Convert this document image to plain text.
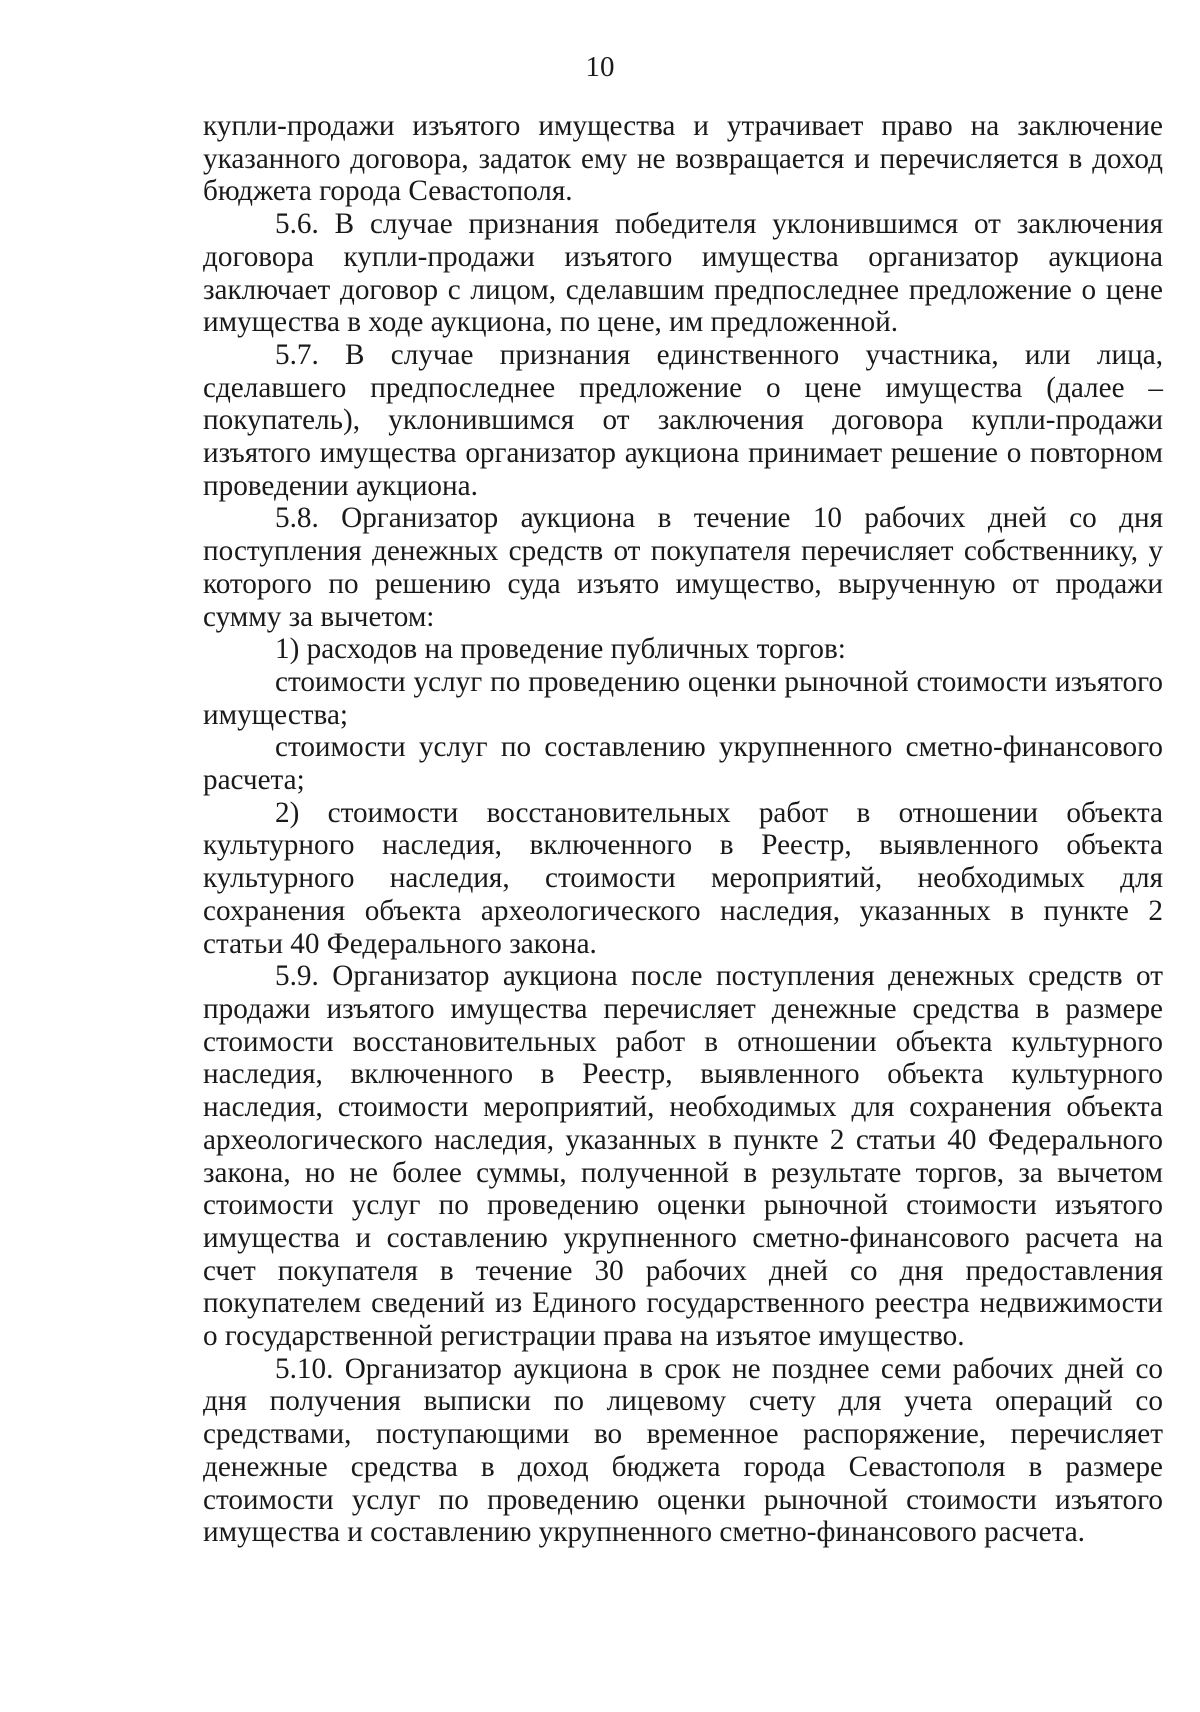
10

купли-продажи изъятого имущества и утрачивает право на заключение указанного договора, задаток ему не возвращается и перечисляется в доход бюджета города Севастополя.

5.6. В случае признания победителя уклонившимся от заключения договора купли-продажи изъятого имущества организатор аукциона заключает договор с лицом, сделавшим предпоследнее предложение о цене имущества в ходе аукциона, по цене, им предложенной.

5.7. В случае признания единственного участника, или лица, сделавшего предпоследнее предложение о цене имущества (далее – покупатель), уклонившимся от заключения договора купли-продажи изъятого имущества организатор аукциона принимает решение о повторном проведении аукциона.

5.8. Организатор аукциона в течение 10 рабочих дней со дня поступления денежных средств от покупателя перечисляет собственнику, у которого по решению суда изъято имущество, вырученную от продажи сумму за вычетом:

1) расходов на проведение публичных торгов:

стоимости услуг по проведению оценки рыночной стоимости изъятого имущества;

стоимости услуг по составлению укрупненного сметно-финансового расчета;

2) стоимости восстановительных работ в отношении объекта культурного наследия, включенного в Реестр, выявленного объекта культурного наследия, стоимости мероприятий, необходимых для сохранения объекта археологического наследия, указанных в пункте 2 статьи 40 Федерального закона.

5.9. Организатор аукциона после поступления денежных средств от продажи изъятого имущества перечисляет денежные средства в размере стоимости восстановительных работ в отношении объекта культурного наследия, включенного в Реестр, выявленного объекта культурного наследия, стоимости мероприятий, необходимых для сохранения объекта археологического наследия, указанных в пункте 2 статьи 40 Федерального закона, но не более суммы, полученной в результате торгов, за вычетом стоимости услуг по проведению оценки рыночной стоимости изъятого имущества и составлению укрупненного сметно-финансового расчета на счет покупателя в течение 30 рабочих дней со дня предоставления покупателем сведений из Единого государственного реестра недвижимости о государственной регистрации права на изъятое имущество.

5.10. Организатор аукциона в срок не позднее семи рабочих дней со дня получения выписки по лицевому счету для учета операций со средствами, поступающими во временное распоряжение, перечисляет денежные средства в доход бюджета города Севастополя в размере стоимости услуг по проведению оценки рыночной стоимости изъятого имущества и составлению укрупненного сметно-финансового расчета.
